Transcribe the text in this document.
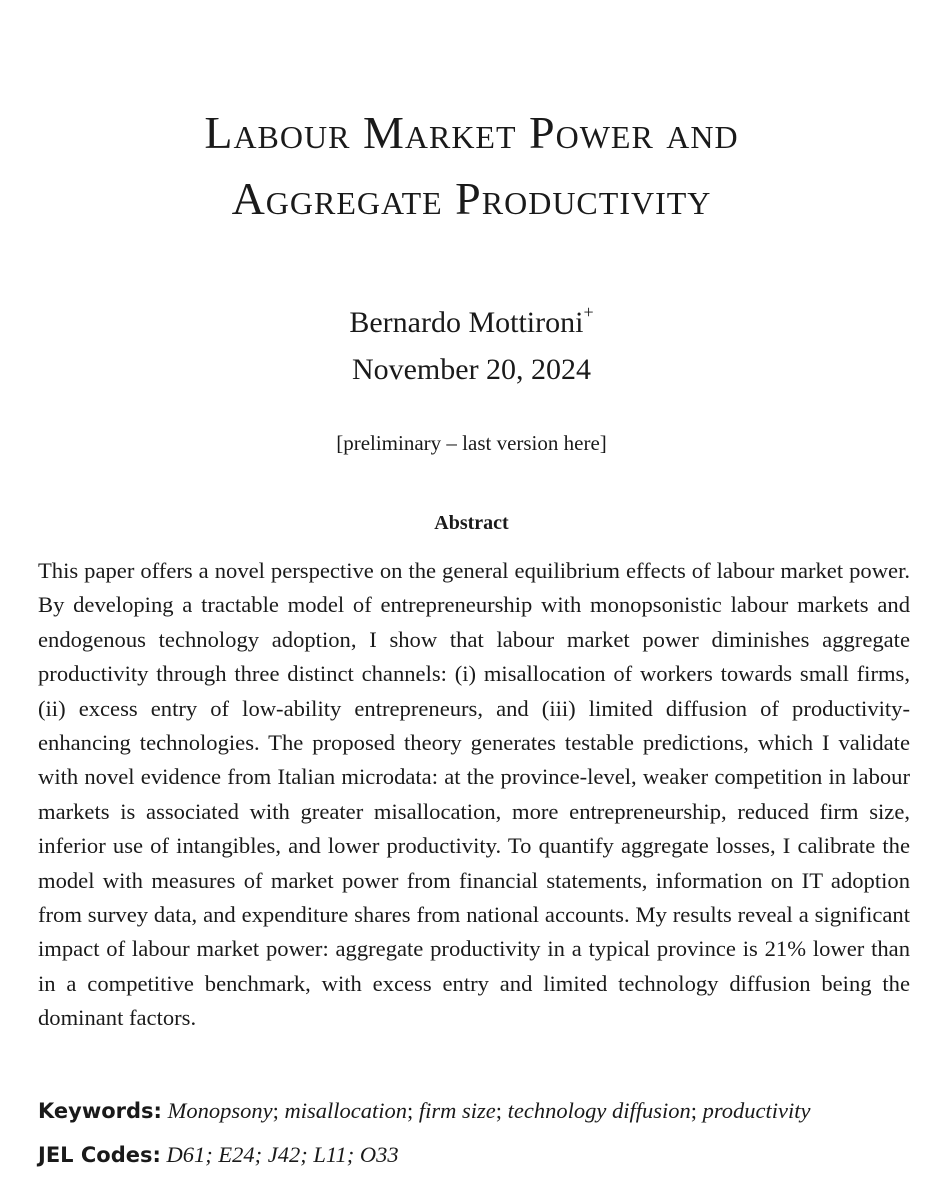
Labour Market Power and
Aggregate Productivity
Bernardo Mottironi+
November 20, 2024
[preliminary – last version here]
Abstract

This paper offers a novel perspective on the general equilibrium effects of labour market power. By developing a tractable model of entrepreneurship with monopsonistic labour markets and endogenous technology adoption, I show that labour market power diminishes aggregate productivity through three distinct channels: (i) misallocation of workers towards small firms, (ii) excess entry of low-ability entrepreneurs, and (iii) limited diffusion of productivity-enhancing technologies. The proposed theory generates testable predictions, which I validate with novel evidence from Italian microdata: at the province-level, weaker competition in labour markets is associated with greater misallocation, more entrepreneurship, reduced firm size, inferior use of intangibles, and lower productivity. To quantify aggregate losses, I calibrate the model with measures of market power from financial statements, information on IT adoption from survey data, and expenditure shares from national accounts. My results reveal a significant impact of labour market power: aggregate productivity in a typical province is 21% lower than in a competitive benchmark, with excess entry and limited technology diffusion being the dominant factors.

Keywords: Monopsony; misallocation; firm size; technology diffusion; productivity
JEL Codes: D61; E24; J42; L11; O33
